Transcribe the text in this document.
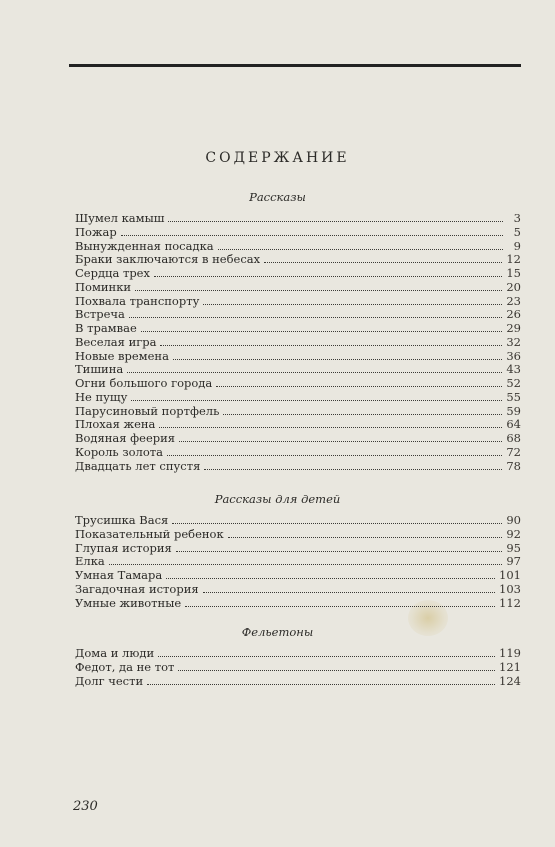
СОДЕРЖАНИЕ
Рассказы
Шумел камыш	3
Пожар	5
Вынужденная посадка	9
Браки заключаются в небесах	12
Сердца трех	15
Поминки	20
Похвала транспорту	23
Встреча	26
В трамвае	29
Веселая игра	32
Новые времена	36
Тишина	43
Огни большого города	52
Не пущу	55
Парусиновый портфель	59
Плохая жена	64
Водяная феерия	68
Король золота	72
Двадцать лет спустя	78
Рассказы для детей
Трусишка Вася	90
Показательный ребенок	92
Глупая история	95
Елка	97
Умная Тамара	101
Загадочная история	103
Умные животные	112
Фельетоны
Дома и люди	119
Федот, да не тот	121
Долг чести	124
230
